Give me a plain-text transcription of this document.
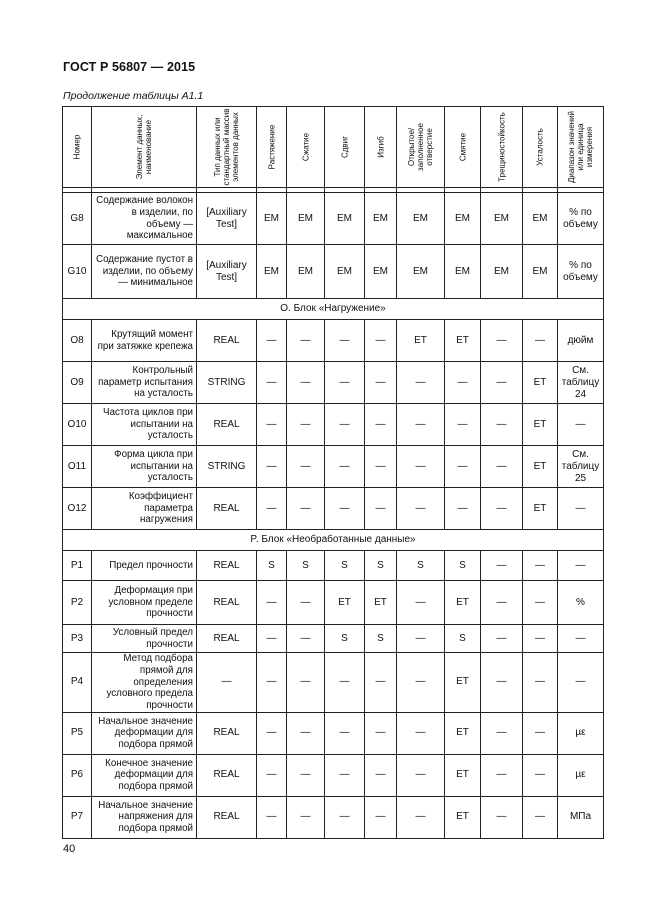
ГОСТ Р 56807 — 2015
Продолжение таблицы А1.1
Номер	Элемент данных, наименование	Тип данных или стандартный массив элементов данных	Растяжение	Сжатие	Сдвиг	Изгиб	Открытое/заполненное отверстие	Смятие	Трещиностойкость	Усталость	Диапазон значений или единица измерения

G8	Содержание волокон в изделии, по объему — максимальное	[Auxiliary Test]	EM	EM	EM	EM	EM	EM	EM	EM	% по объему
G10	Содержание пустот в изделии, по объему — минимальное	[Auxiliary Test]	EM	EM	EM	EM	EM	EM	EM	EM	% по объему
О. Блок «Нагружение»											
O8	Крутящий момент при затяжке крепежа	REAL	—	—	—	—	ET	ET	—	—	дюйм
O9	Контрольный параметр испытания на усталость	STRING	—	—	—	—	—	—	—	ET	См. таблицу 24
O10	Частота циклов при испытании на усталость	REAL	—	—	—	—	—	—	—	ET	—
O11	Форма цикла при испытании на усталость	STRING	—	—	—	—	—	—	—	ET	См. таблицу 25
O12	Коэффициент параметра нагружения	REAL	—	—	—	—	—	—	—	ET	—
P. Блок «Необработанные данные»											
P1	Предел прочности	REAL	S	S	S	S	S	S	—	—	—
P2	Деформация при условном пределе прочности	REAL	—	—	ET	ET	—	ET	—	—	%
P3	Условный предел прочности	REAL	—	—	S	S	—	S	—	—	—
P4	Метод подбора прямой для определения условного предела прочности	—	—	—	—	—	—	ET	—	—	—
P5	Начальное значение деформации для подбора прямой	REAL	—	—	—	—	—	ET	—	—	µε
P6	Конечное значение деформации для подбора прямой	REAL	—	—	—	—	—	ET	—	—	µε
P7	Начальное значение напряжения для подбора прямой	REAL	—	—	—	—	—	ET	—	—	МПа
40
